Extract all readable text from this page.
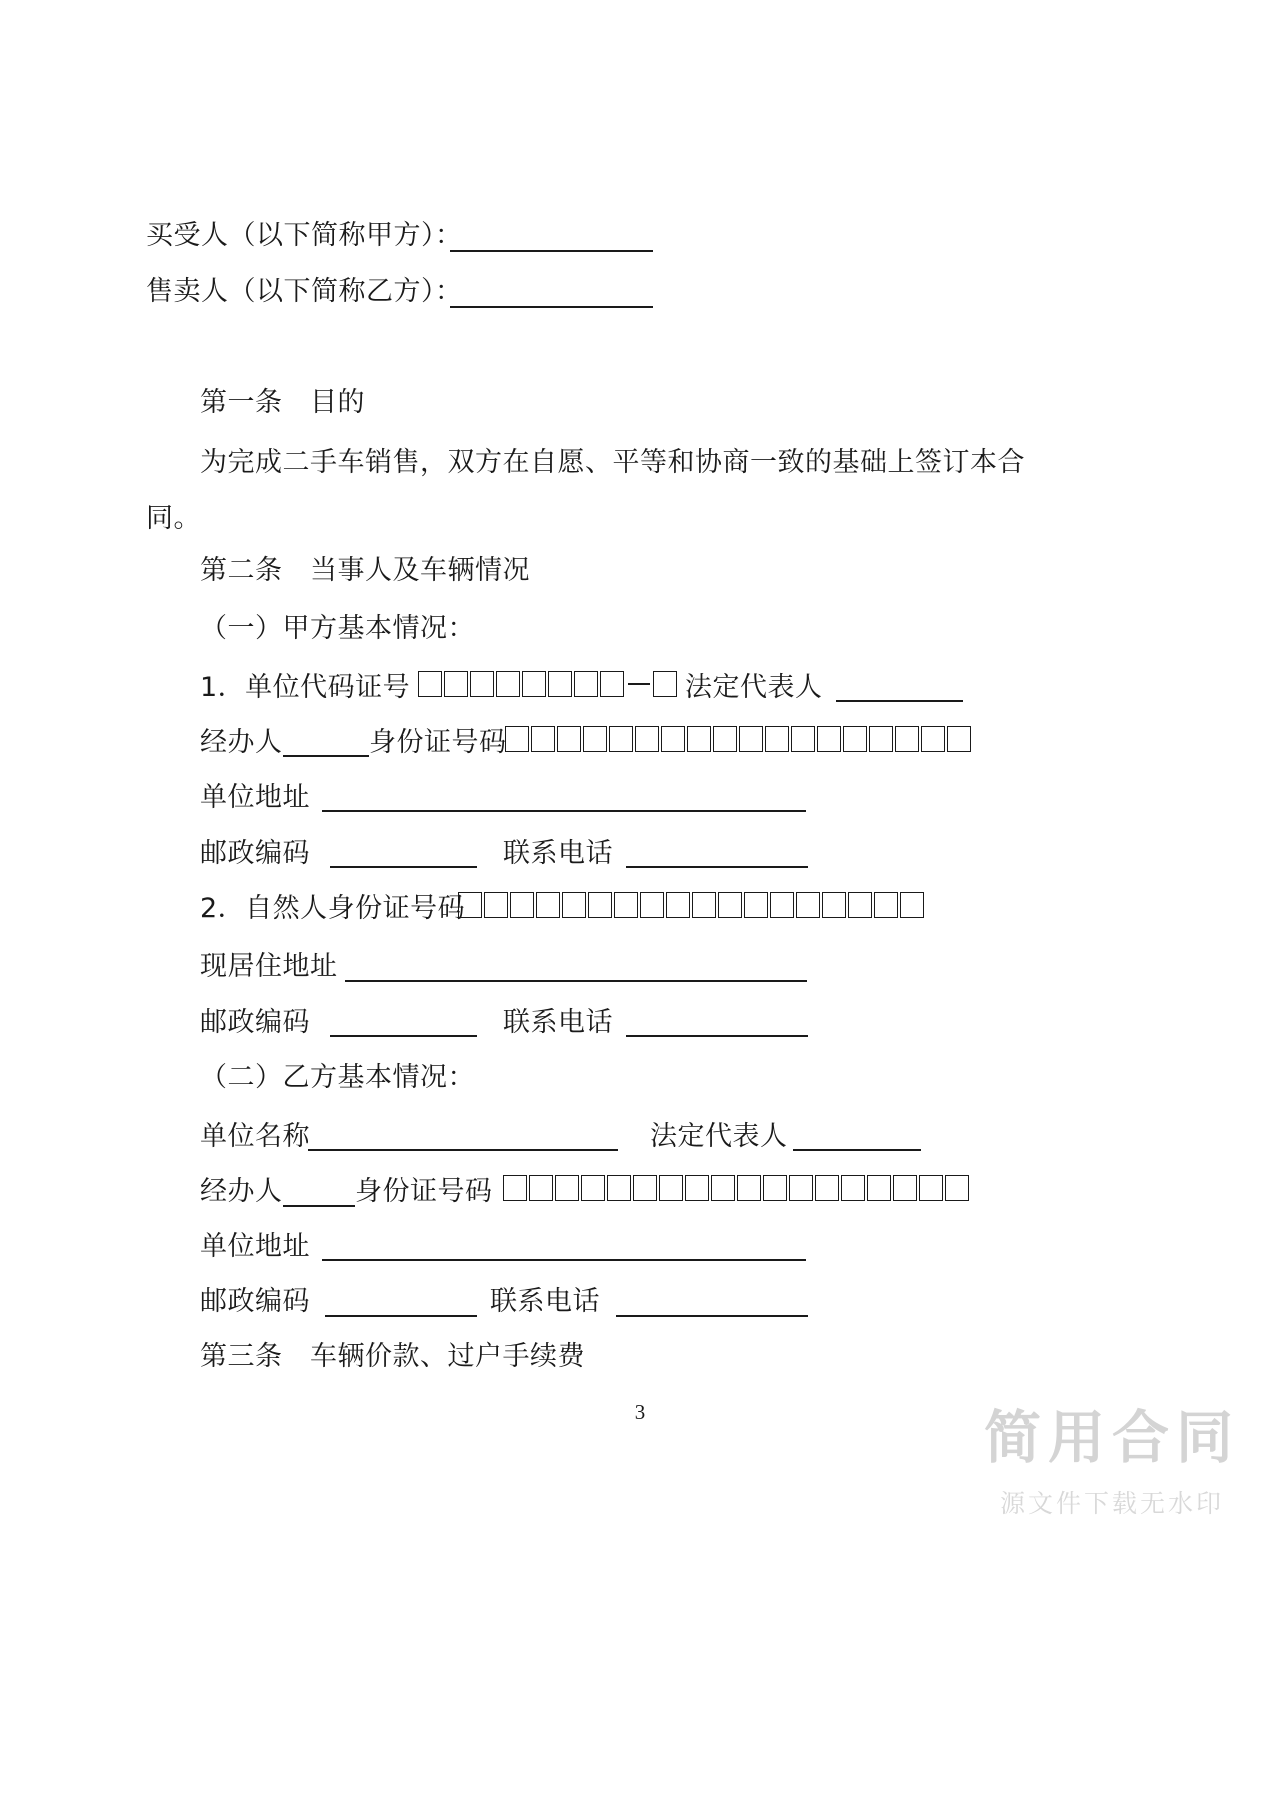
买受人（以下简称甲方）：
售卖人（以下简称乙方）：
第一条　目的
为完成二手车销售，双方在自愿、平等和协商一致的基础上签订本合
同。
第二条　当事人及车辆情况
（一）甲方基本情况：
1．单位代码证号	法定代表人
经办人	身份证号码
单位地址
邮政编码	联系电话
2．自然人身份证号码
现居住地址
邮政编码	联系电话
（二）乙方基本情况：
单位名称	法定代表人
经办人	身份证号码
单位地址
邮政编码	联系电话
第三条　车辆价款、过户手续费
3	简用合同
源文件下载无水印
